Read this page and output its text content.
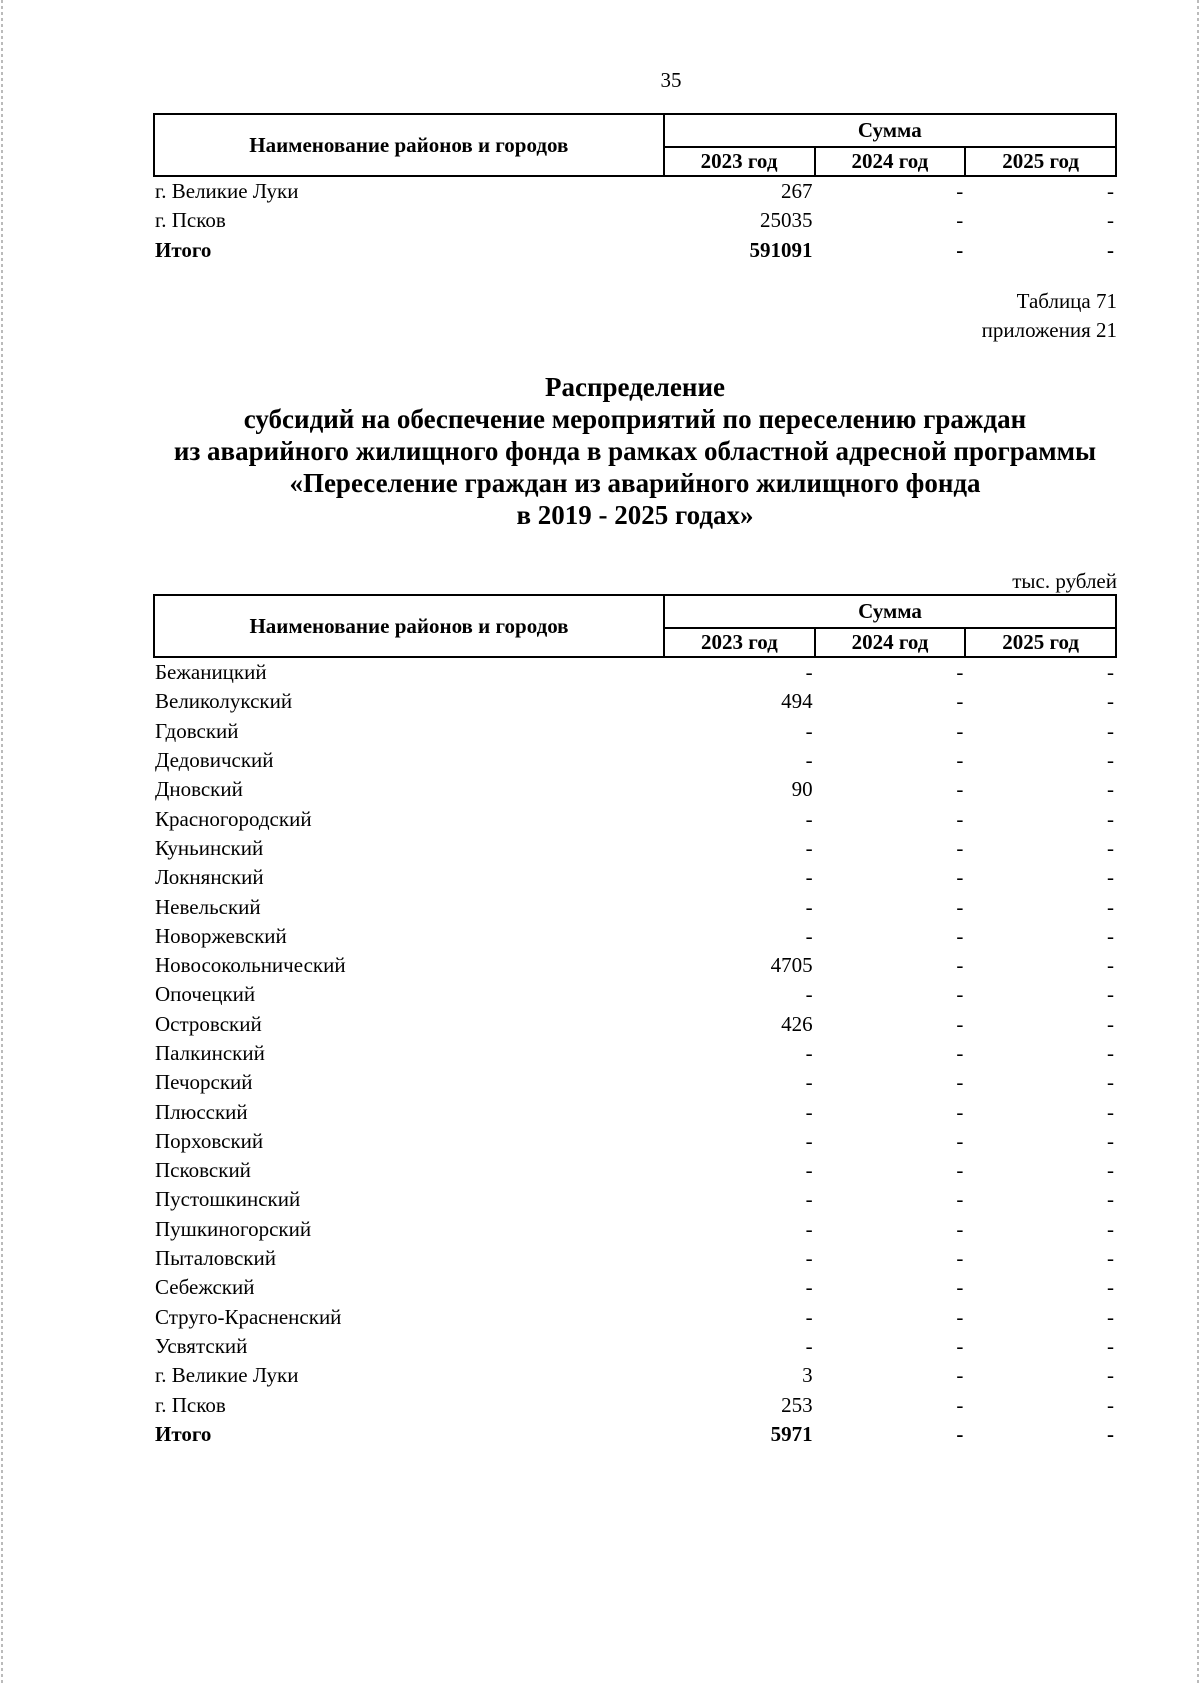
35
Наименование районов и городов	Сумма		
	2023 год	2024 год	2025 год
г. Великие Луки	267	-	-
г. Псков	25035	-	-
Итого	591091	-	-
Таблица 71
приложения 21
Распределение
субсидий на обеспечение мероприятий по переселению граждан
из аварийного жилищного фонда в рамках областной адресной программы
«Переселение граждан из аварийного жилищного фонда
в 2019 - 2025 годах»
тыс. рублей
Наименование районов и городов	Сумма		
	2023 год	2024 год	2025 год
Бежаницкий	-	-	-
Великолукский	494	-	-
Гдовский	-	-	-
Дедовичский	-	-	-
Дновский	90	-	-
Красногородский	-	-	-
Куньинский	-	-	-
Локнянский	-	-	-
Невельский	-	-	-
Новоржевский	-	-	-
Новосокольнический	4705	-	-
Опочецкий	-	-	-
Островский	426	-	-
Палкинский	-	-	-
Печорский	-	-	-
Плюсский	-	-	-
Порховский	-	-	-
Псковский	-	-	-
Пустошкинский	-	-	-
Пушкиногорский	-	-	-
Пыталовский	-	-	-
Себежский	-	-	-
Струго-Красненский	-	-	-
Усвятский	-	-	-
г. Великие Луки	3	-	-
г. Псков	253	-	-
Итого	5971	-	-
